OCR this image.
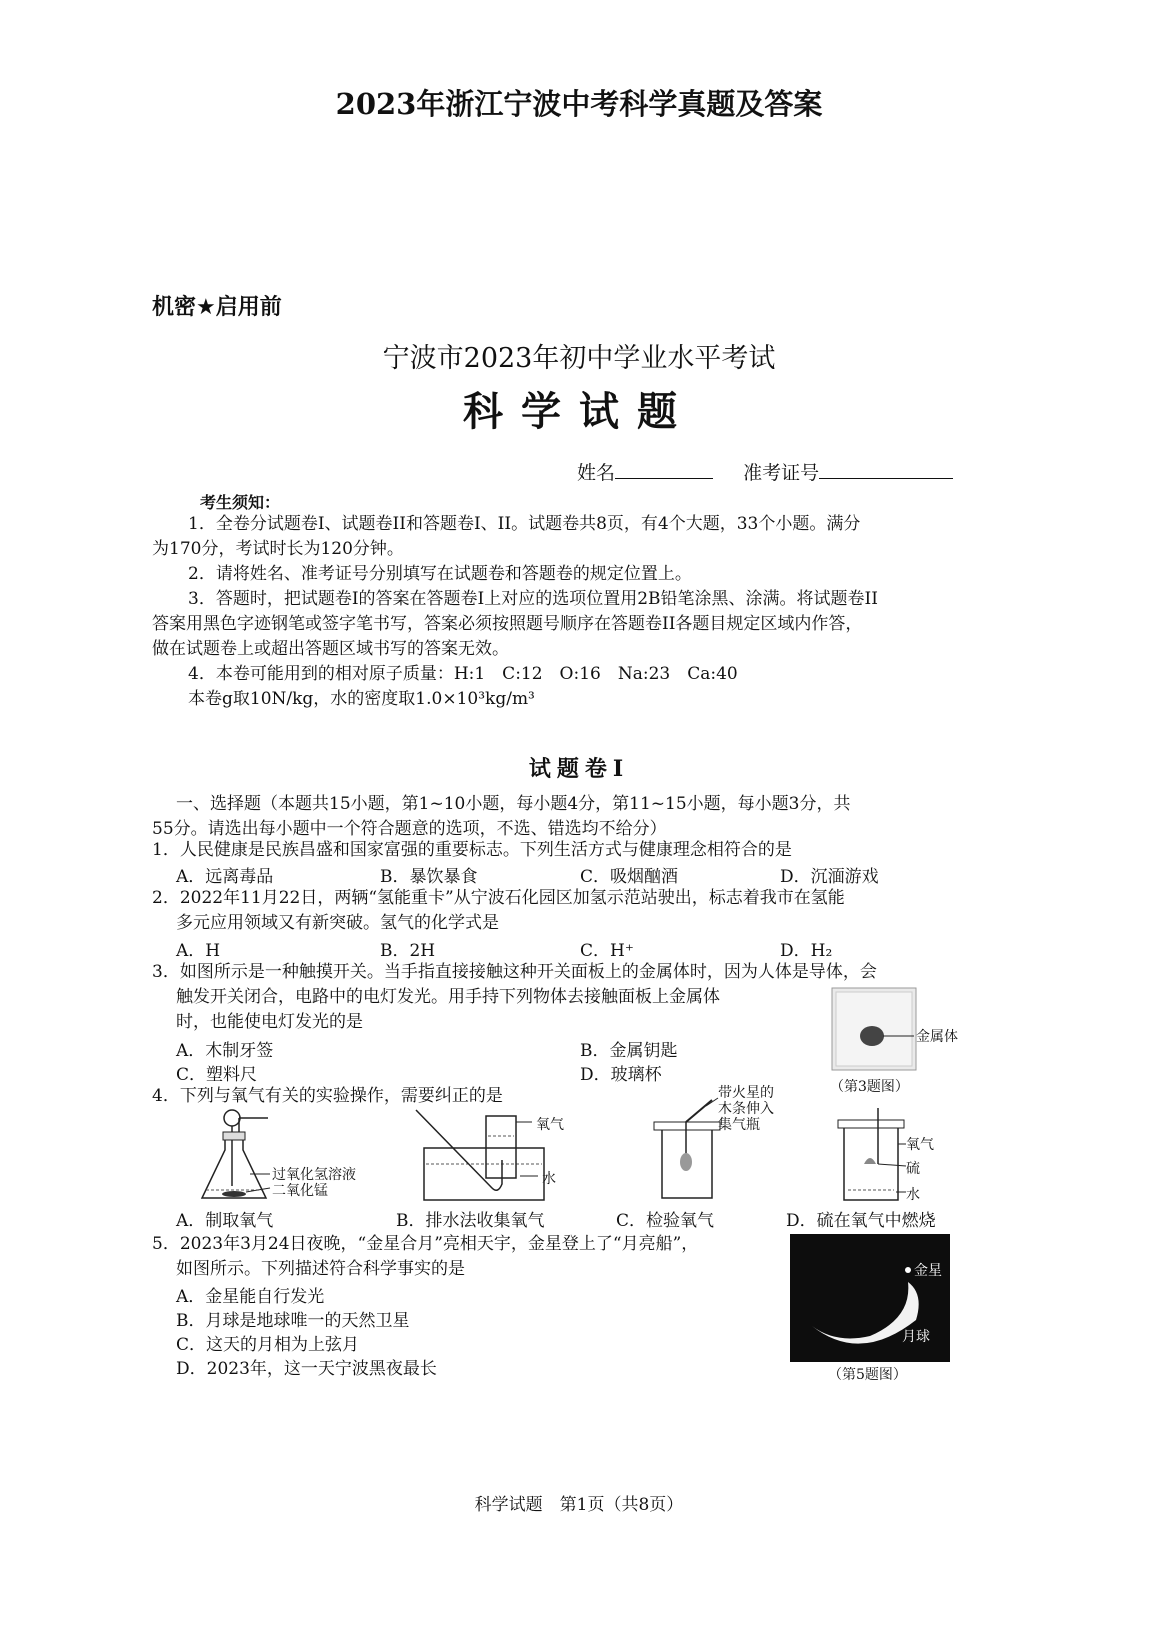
2023年浙江宁波中考科学真题及答案
机密★启用前
宁波市2023年初中学业水平考试
科学试题
姓名	准考证号
考生须知：
1．全卷分试题卷I、试题卷II和答题卷I、II。试题卷共8页，有4个大题，33个小题。满分
为170分，考试时长为120分钟。
2．请将姓名、准考证号分别填写在试题卷和答题卷的规定位置上。
3．答题时，把试题卷I的答案在答题卷I上对应的选项位置用2B铅笔涂黑、涂满。将试题卷II
答案用黑色字迹钢笔或签字笔书写，答案必须按照题号顺序在答题卷II各题目规定区域内作答，
做在试题卷上或超出答题区域书写的答案无效。
4．本卷可能用到的相对原子质量：H:1　C:12　O:16　Na:23　Ca:40
本卷g取10N/kg，水的密度取1.0×10³kg/m³
试题卷I
一、选择题（本题共15小题，第1~10小题，每小题4分，第11~15小题，每小题3分，共
55分。请选出每小题中一个符合题意的选项，不选、错选均不给分）
1．人民健康是民族昌盛和国家富强的重要标志。下列生活方式与健康理念相符合的是
A．远离毒品	B．暴饮暴食	C．吸烟酗酒	D．沉湎游戏
2．2022年11月22日，两辆“氢能重卡”从宁波石化园区加氢示范站驶出，标志着我市在氢能
多元应用领域又有新突破。氢气的化学式是
A．H	B．2H	C．H⁺	D．H₂
3．如图所示是一种触摸开关。当手指直接接触这种开关面板上的金属体时，因为人体是导体，会
触发开关闭合，电路中的电灯发光。用手持下列物体去接触面板上金属体
时，也能使电灯发光的是
A．木制牙签	B．金属钥匙
C．塑料尺	D．玻璃杯
金属体
（第3题图）
4．下列与氧气有关的实验操作，需要纠正的是
过氧化氢溶液
二氧化锰
A．制取氧气
氧气
水
B．排水法收集氧气
带火星的
木条伸入
集气瓶
C．检验氧气
氧气
硫
水
D．硫在氧气中燃烧
5．2023年3月24日夜晚，“金星合月”亮相天宇，金星登上了“月亮船”，
如图所示。下列描述符合科学事实的是
A．金星能自行发光
B．月球是地球唯一的天然卫星
C．这天的月相为上弦月
D．2023年，这一天宁波黑夜最长
金星
月球
（第5题图）
科学试题　第1页（共8页）
